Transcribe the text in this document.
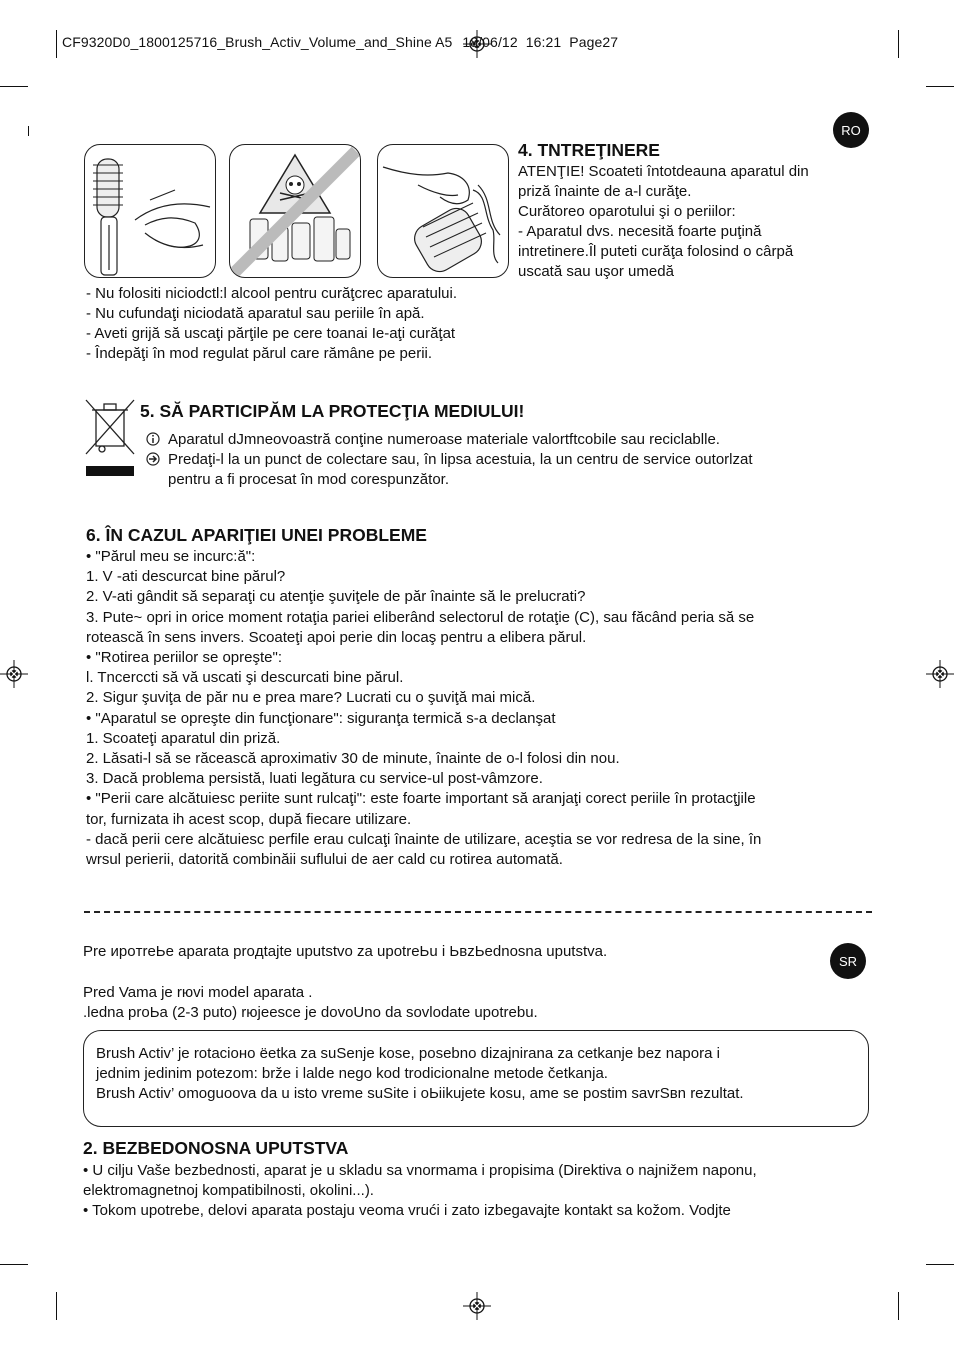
CF9320D0_1800125716_Brush_Activ_Volume_and_Shine A5 18/06/12 16:21 Page27
RO
4. TNTREŢINERE
ATENŢIE! Scoateti întotdeauna aparatul din
priză înainte de a-l curăţe.
Curătoreo oparotului şi o periilor:
- Aparatul dvs. necesită foarte puţină
intretinere.Îl puteti curăţa folosind o cârpă
uscată sau uşor umedă
- Nu folositi niciodctl:l alcool pentru curăţcrec aparatului.
- Nu cufundaţi niciodată aparatul sau periile în apă.
- Aveti grijă să uscaţi părţile pe cere toanai Ie-aţi curăţat
- Îndepăţi în mod regulat părul care rămâne pe perii.
5. SĂ PARTICIPĂM LA PROTECŢIA MEDIULUI!
Aparatul dJmneovoastră conţine numeroase materiale valortftcobile sau reciclablle.
Predaţi-l la un punct de colectare sau, în lipsa acestuia, la un centru de service outorlzat
pentru a fi procesat în mod corespunzător.
6. ÎN CAZUL APARIŢIEI UNEI PROBLEME
• "Părul meu se incurc:ă":
1. V -ati descurcat bine părul?
2. V-ati gândit să separaţi cu atenţie şuviţele de păr înainte să le prelucrati?
3. Pute~ opri in orice moment rotaţia pariei eliberând selectorul de rotaţie (C), sau făcând peria să se
rotească în sens invers. Scoateţi apoi perie din locaş pentru a elibera părul.
• "Rotirea periilor se opreşte":
l. Tncerccti să vă uscati şi descurcati bine părul.
2. Sigur şuviţa de păr nu e prea mare? Lucrati cu o şuviţă mai mică.
• "Aparatul se opreşte din funcţionare": siguranţa termică s-a declanşat
1. Scoateţi aparatul din priză.
2. Lăsati-l să se răcească aproximativ 30 de minute, înainte de o-l folosi din nou.
3. Dacă problema persistă, luati legătura cu service-ul post-vâmzore.
• "Perii care alcătuiesc periite sunt rulcaţi": este foarte important să aranjaţi corect periile în protacţjile
tor, furnizata ih acest scop, după fiecare utilizare.
- dacă perii cere alcătuiesc perfile erau culcaţi înainte de utilizare, aceştia se vor redresa de la sine, în
wrsul perierii, datorită combinăii suflului de aer cald cu rotirea automată.
SR
Pre иpoтreЬe aparata proдtajte uputstvo za upotreЬu i ЬвzЬednosna uputstva.
Pred Vama je rюvi model aparata .
.ledna proЬa (2-3 puto) rюjeesce je dovoUno da sovlodate upotrebu.
Brush Activ’ je rotacioнo ëetka za suSenje kose, posebno dizajnirana za cetkanje bez napora i
jednim jedinim potezom: brže i lalde nego kod trodicionalne metode četkanja.
Brush Activ’ omoguoova da u isto vreme suSite i oЬiikujete kosu, ame se postim savrSвn rezultat.
2. BEZBEDONOSNA UPUTSTVA
• U cilju Vaše bezbednosti, aparat je u skladu sa vnormama i propisima (Direktiva o naјnižem naponu,
elektromagnetnoj kompatibilnosti, okolini...).
• Tokom upotrebe, delovi aparata postaju veoma vrući i zato izbegavajte kontakt sa kožom. Vodjte
